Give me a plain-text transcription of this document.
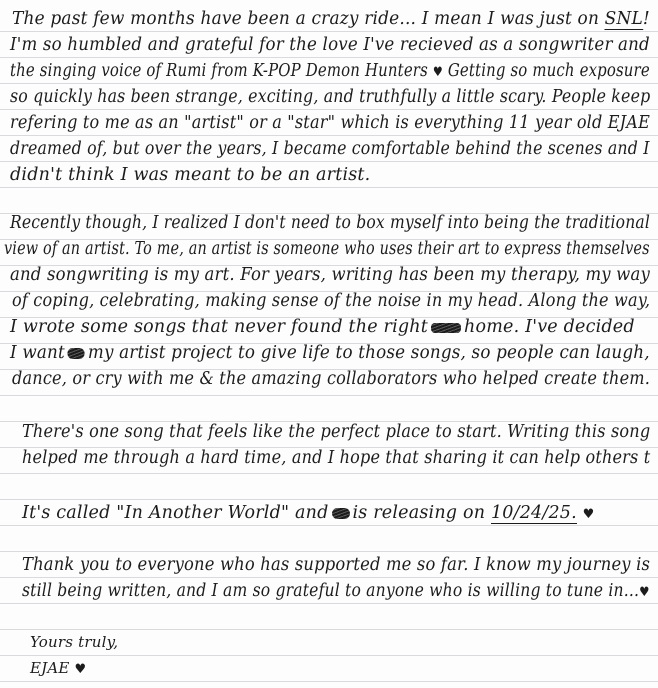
The past few months have been a crazy ride... I mean I was just on SNL!
I'm so humbled and grateful for the love I've recieved as a songwriter and
the singing voice of Rumi from K-POP Demon Hunters ♥ Getting so much exposure
so quickly has been strange, exciting, and truthfully a little scary. People keep
refering to me as an "artist" or a "star" which is everything 11 year old EJAE
dreamed of, but over the years, I became comfortable behind the scenes and I
didn't think I was meant to be an artist.
Recently though, I realized I don't need to box myself into being the traditional
view of an artist. To me, an artist is someone who uses their art to express themselves
and songwriting is my art. For years, writing has been my therapy, my way
of coping, celebrating, making sense of the noise in my head. Along the way,
I wrote some songs that never found the right home. I've decided
I want my artist project to give life to those songs, so people can laugh,
dance, or cry with me & the amazing collaborators who helped create them.
There's one song that feels like the perfect place to start. Writing this song
helped me through a hard time, and I hope that sharing it can help others t
It's called "In Another World" and is releasing on 10/24/25. ♥
Thank you to everyone who has supported me so far. I know my journey is
still being written, and I am so grateful to anyone who is willing to tune in...♥
Yours truly,
EJAE ♥
